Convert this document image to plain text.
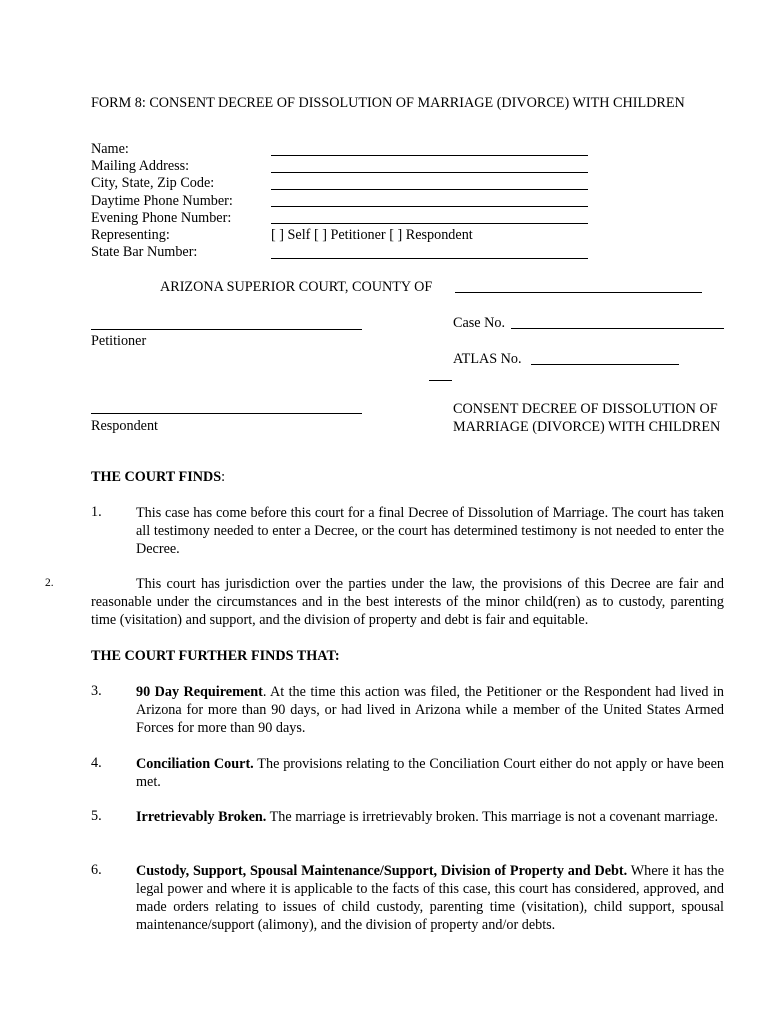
FORM 8: CONSENT DECREE OF DISSOLUTION OF MARRIAGE (DIVORCE) WITH CHILDREN
Name:
Mailing Address:
City, State, Zip Code:
Daytime Phone Number:
Evening Phone Number:
Representing:
State Bar Number:
[ ] Self [ ] Petitioner [ ] Respondent
ARIZONA SUPERIOR COURT, COUNTY OF
Petitioner
Case No.
ATLAS No.
Respondent
CONSENT DECREE OF DISSOLUTION OF MARRIAGE (DIVORCE) WITH CHILDREN
THE COURT FINDS:
1. This case has come before this court for a final Decree of Dissolution of Marriage. The court has taken all testimony needed to enter a Decree, or the court has determined testimony is not needed to enter the Decree.
2.	This court has jurisdiction over the parties under the law, the provisions of this Decree are fair and reasonable under the circumstances and in the best interests of the minor child(ren) as to custody, parenting time (visitation) and support, and the division of property and debt is fair and equitable.
THE COURT FURTHER FINDS THAT:
3. 90 Day Requirement. At the time this action was filed, the Petitioner or the Respondent had lived in Arizona for more than 90 days, or had lived in Arizona while a member of the United States Armed Forces for more than 90 days.
4. Conciliation Court. The provisions relating to the Conciliation Court either do not apply or have been met.
5. Irretrievably Broken. The marriage is irretrievably broken. This marriage is not a covenant marriage.
6. Custody, Support, Spousal Maintenance/Support, Division of Property and Debt. Where it has the legal power and where it is applicable to the facts of this case, this court has considered, approved, and made orders relating to issues of child custody, parenting time (visitation), child support, spousal maintenance/support (alimony), and the division of property and/or debts.
